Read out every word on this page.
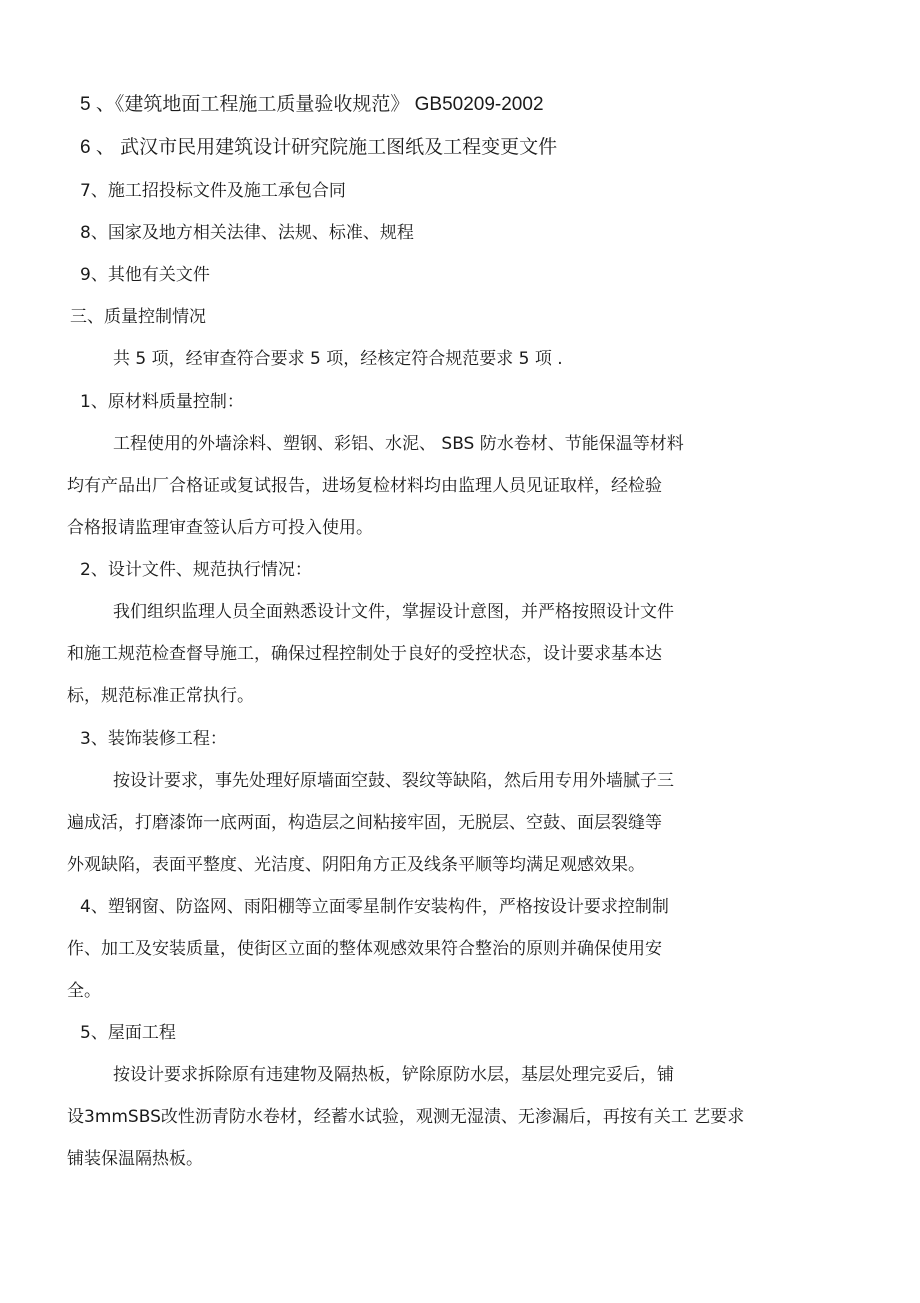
5 、《建筑地面工程施工质量验收规范》 GB50209-2002
6 、 武汉市民用建筑设计研究院施工图纸及工程变更文件
7、施工招投标文件及施工承包合同
8、国家及地方相关法律、法规、标准、规程
9、其他有关文件
三、质量控制情况
共 5 项，经审查符合要求 5 项，经核定符合规范要求 5 项 .
1、原材料质量控制：
工程使用的外墙涂料、塑钢、彩铝、水泥、 SBS 防水卷材、节能保温等材料
均有产品出厂合格证或复试报告，进场复检材料均由监理人员见证取样，经检验
合格报请监理审查签认后方可投入使用。
2、设计文件、规范执行情况：
我们组织监理人员全面熟悉设计文件，掌握设计意图，并严格按照设计文件
和施工规范检查督导施工，确保过程控制处于良好的受控状态，设计要求基本达
标，规范标准正常执行。
3、装饰装修工程：
按设计要求，事先处理好原墙面空鼓、裂纹等缺陷，然后用专用外墙腻子三
遍成活，打磨漆饰一底两面，构造层之间粘接牢固，无脱层、空鼓、面层裂缝等
外观缺陷，表面平整度、光洁度、阴阳角方正及线条平顺等均满足观感效果。
4、塑钢窗、防盗网、雨阳棚等立面零星制作安装构件，严格按设计要求控制制
作、加工及安装质量，使街区立面的整体观感效果符合整治的原则并确保使用安
全。
5、屋面工程
按设计要求拆除原有违建物及隔热板，铲除原防水层，基层处理完妥后，铺
设3mmSBS改性沥青防水卷材，经蓄水试验，观测无湿渍、无渗漏后，再按有关工 艺要求
铺装保温隔热板。
